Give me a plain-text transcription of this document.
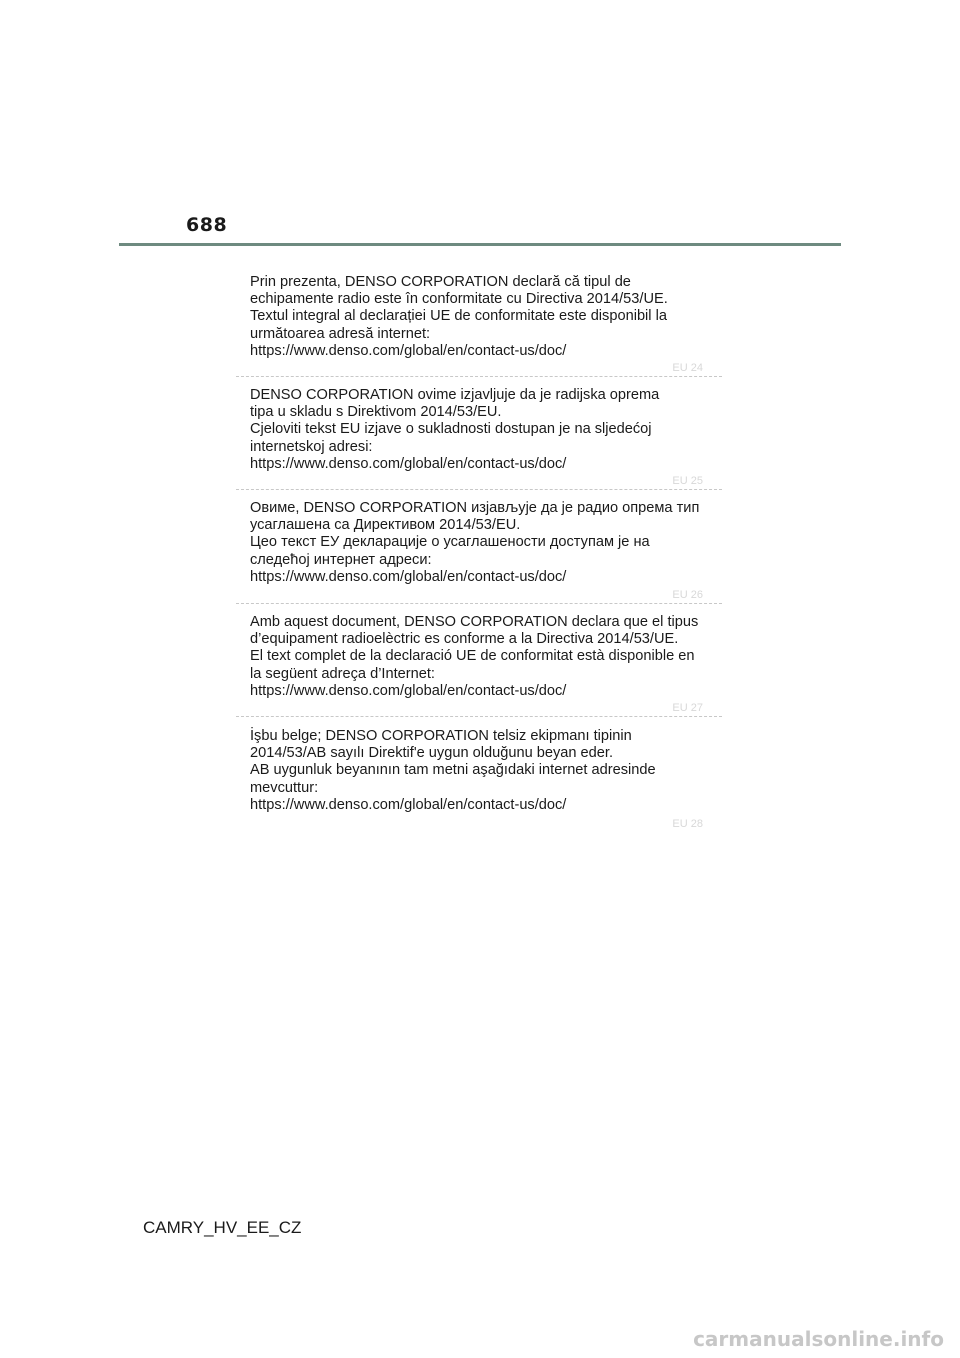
688
Prin prezenta, DENSO CORPORATION declară că tipul de
echipamente radio este în conformitate cu Directiva 2014/53/UE.
Textul integral al declarației UE de conformitate este disponibil la
următoarea adresă internet:
https://www.denso.com/global/en/contact-us/doc/
EU 24
DENSO CORPORATION ovime izjavljuje da je radijska oprema
tipa u skladu s Direktivom 2014/53/EU.
Cjeloviti tekst EU izjave o sukladnosti dostupan je na sljedećoj
internetskoj adresi:
https://www.denso.com/global/en/contact-us/doc/
EU 25
Овиме, DENSO CORPORATION изјављује да је радио опрема тип
усаглашена са Директивом 2014/53/EU.
Цео текст ЕУ декларације о усаглашености доступам је на
следећој интернет адреси:
https://www.denso.com/global/en/contact-us/doc/
EU 26
Amb aquest document, DENSO CORPORATION declara que el tipus
d’equipament radioelèctric es conforme a la Directiva 2014/53/UE.
El text complet de la declaració UE de conformitat està disponible en
la següent adreça d’Internet:
https://www.denso.com/global/en/contact-us/doc/
EU 27
İşbu belge; DENSO CORPORATION telsiz ekipmanı tipinin
2014/53/AB sayılı Direktif'e uygun olduğunu beyan eder.
AB uygunluk beyanının tam metni aşağıdaki internet adresinde
mevcuttur:
https://www.denso.com/global/en/contact-us/doc/
EU 28
CAMRY_HV_EE_CZ
carmanualsonline.info
